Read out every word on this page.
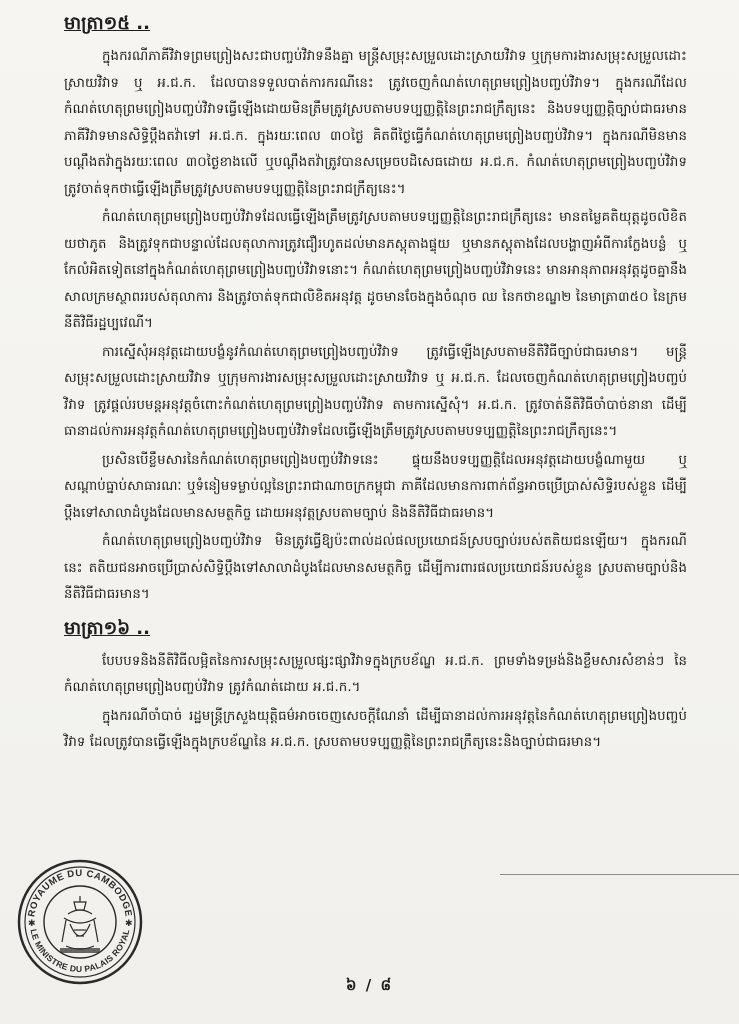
មាត្រា១៥ ..

ក្នុងករណីភាគីវិវាទព្រមព្រៀងសះជាបញ្ចប់វិវាទនឹងគ្នា មន្ត្រីសម្រុះសម្រួលដោះស្រាយវិវាទ ឬក្រុមការងារសម្រុះសម្រួលដោះស្រាយវិវាទ ឬ អ.ជ.ក. ដែលបានទទួលបាត់ការករណីនេះ ត្រូវចេញកំណត់ហេតុព្រមព្រៀងបញ្ចប់វិវាទ។ ក្នុងករណីដែលកំណត់ហេតុព្រមព្រៀងបញ្ចប់វិវាទធ្វើឡើងដោយមិនត្រឹមត្រូវស្របតាមបទប្បញ្ញត្តិនៃព្រះរាជក្រឹត្យនេះ និងបទប្បញ្ញត្តិច្បាប់ជាធរមាន ភាគីវិវាទមានសិទ្ធិប្ដឹងតវ៉ាទៅ អ.ជ.ក. ក្នុងរយៈពេល ៣០ថ្ងៃ គិតពីថ្ងៃធ្វើកំណត់ហេតុព្រមព្រៀងបញ្ចប់វិវាទ។ ក្នុងករណីមិនមានបណ្ដឹងតវ៉ាក្នុងរយៈពេល ៣០ថ្ងៃខាងលើ ឬបណ្ដឹងតវ៉ាត្រូវបានសម្រេចបដិសេធដោយ អ.ជ.ក. កំណត់ហេតុព្រមព្រៀងបញ្ចប់វិវាទ ត្រូវចាត់ទុកថាធ្វើឡើងត្រឹមត្រូវស្របតាមបទប្បញ្ញត្តិនៃព្រះរាជក្រឹត្យនេះ។

កំណត់ហេតុព្រមព្រៀងបញ្ចប់វិវាទដែលធ្វើឡើងត្រឹមត្រូវស្របតាមបទប្បញ្ញត្តិនៃព្រះរាជក្រឹត្យនេះ មានតម្លៃគតិយុត្តដូចលិខិតយថាភូត និងត្រូវទុកជាបន្ទាល់ដែលតុលាការត្រូវជឿរហូតដល់មានភស្តុតាងផ្ទុយ ឬមានភស្តុតាងដែលបង្ហាញអំពីការក្លែងបន្លំ ឬកែលំអិតទៀតនៅក្នុងកំណត់ហេតុព្រមព្រៀងបញ្ចប់វិវាទនោះ។ កំណត់ហេតុព្រមព្រៀងបញ្ចប់វិវាទនេះ មានអានុភាពអនុវត្តដូចគ្នានឹងសាលក្រមស្ថាពររបស់តុលាការ និងត្រូវចាត់ទុកជាលិខិតអនុវត្ត ដូចមានចែងក្នុងចំណុច ឈ នៃកថាខណ្ឌ២ នៃមាត្រា៣៥០ នៃក្រមនីតិវិធីរដ្ឋប្បវេណី។

ការស្នើសុំអនុវត្តដោយបង្ខំនូវកំណត់ហេតុព្រមព្រៀងបញ្ចប់វិវាទ ត្រូវធ្វើឡើងស្របតាមនីតិវិធីច្បាប់ជាធរមាន។ មន្ត្រីសម្រុះសម្រួលដោះស្រាយវិវាទ ឬក្រុមការងារសម្រុះសម្រួលដោះស្រាយវិវាទ ឬ អ.ជ.ក. ដែលចេញកំណត់ហេតុព្រមព្រៀងបញ្ចប់វិវាទ ត្រូវផ្ដល់របមន្តអនុវត្តចំពោះកំណត់ហេតុព្រមព្រៀងបញ្ចប់វិវាទ តាមការស្នើសុំ។ អ.ជ.ក. ត្រូវចាត់នីតិវិធីចាំបាច់នានា ដើម្បីធានាដល់ការអនុវត្តកំណត់ហេតុព្រមព្រៀងបញ្ចប់វិវាទដែលធ្វើឡើងត្រឹមត្រូវស្របតាមបទប្បញ្ញត្តិនៃព្រះរាជក្រឹត្យនេះ។

ប្រសិនបើខ្លឹមសារនៃកំណត់ហេតុព្រមព្រៀងបញ្ចប់វិវាទនេះ ផ្ទុយនឹងបទប្បញ្ញត្តិដែលអនុវត្តដោយបង្ខំណាមួយ ឬសណ្ដាប់ធ្នាប់សាធារណៈ ឬទំនៀមទម្លាប់ល្អនៃព្រះរាជាណាចក្រកម្ពុជា ភាគីដែលមានការពាក់ព័ន្ធអាចប្រើប្រាស់សិទ្ធិរបស់ខ្លួន ដើម្បីប្ដឹងទៅសាលាដំបូងដែលមានសមត្ថកិច្ច ដោយអនុវត្តស្របតាមច្បាប់ និងនីតិវិធីជាធរមាន។

កំណត់ហេតុព្រមព្រៀងបញ្ចប់វិវាទ មិនត្រូវធ្វើឱ្យប៉ះពាល់ដល់ផលប្រយោជន៍ស្របច្បាប់របស់តតិយជនឡើយ។ ក្នុងករណីនេះ តតិយជនអាចប្រើប្រាស់សិទ្ធិប្ដឹងទៅសាលាដំបូងដែលមានសមត្ថកិច្ច ដើម្បីការពារផលប្រយោជន៍របស់ខ្លួន ស្របតាមច្បាប់និងនីតិវិធីជាធរមាន។

មាត្រា១៦ ..

បែបបទនិងនីតិវិធីលម្អិតនៃការសម្រុះសម្រួលផ្សះផ្សាវិវាទក្នុងក្របខ័ណ្ឌ អ.ជ.ក. ព្រមទាំងទម្រង់និងខ្លឹមសារសំខាន់ៗ នៃកំណត់ហេតុព្រមព្រៀងបញ្ចប់វិវាទ ត្រូវកំណត់ដោយ អ.ជ.ក.។

ក្នុងករណីចាំបាច់ រដ្ឋមន្ត្រីក្រសួងយុត្តិធម៌អាចចេញសេចក្ដីណែនាំ ដើម្បីធានាដល់ការអនុវត្តនៃកំណត់ហេតុព្រមព្រៀងបញ្ចប់វិវាទ ដែលត្រូវបានធ្វើឡើងក្នុងក្របខ័ណ្ឌនៃ អ.ជ.ក. ស្របតាមបទប្បញ្ញត្តិនៃព្រះរាជក្រឹត្យនេះនិងច្បាប់ជាធរមាន។

ROYAUME DU CAMBODGE
LE MINISTRE DU PALAIS ROYAL
✱	✱
៦ / ៨
